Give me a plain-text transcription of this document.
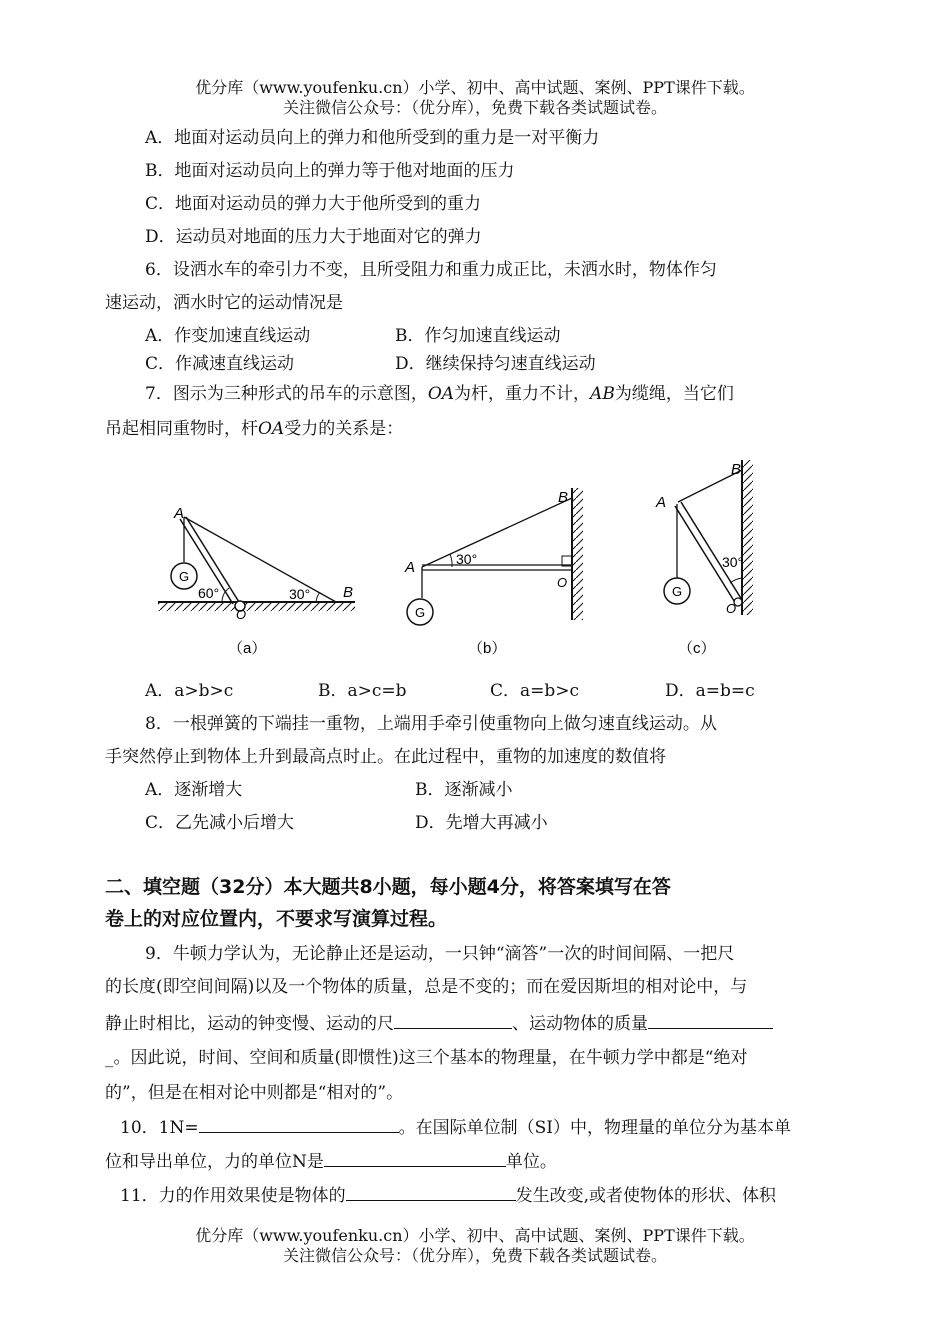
优分库（www.youfenku.cn）小学、初中、高中试题、案例、PPT课件下载。
关注微信公众号：（优分库），免费下载各类试题试卷。
A．地面对运动员向上的弹力和他所受到的重力是一对平衡力
B．地面对运动员向上的弹力等于他对地面的压力
C．地面对运动员的弹力大于他所受到的重力
D．运动员对地面的压力大于地面对它的弹力
6．设洒水车的牵引力不变，且所受阻力和重力成正比，未洒水时，物体作匀
速运动，洒水时它的运动情况是
A．作变加速直线运动	B．作匀加速直线运动
C．作减速直线运动	D．继续保持匀速直线运动
7．图示为三种形式的吊车的示意图，OA为杆，重力不计，AB为缆绳，当它们
吊起相同重物时，杆OA受力的关系是：
A
G
60°	30° B
O
（a）
A	30°
B
O
G
（b）
A
B
30°
O
G
（c）
A．a>b>c	B．a>c=b	C．a=b>c	D．a=b=c
8．一根弹簧的下端挂一重物，上端用手牵引使重物向上做匀速直线运动。从
手突然停止到物体上升到最高点时止。在此过程中，重物的加速度的数值将
A．逐渐增大	B．逐渐减小
C．乙先减小后增大	D．先增大再减小
二、填空题（32分）本大题共8小题，每小题4分，将答案填写在答
卷上的对应位置内，不要求写演算过程。
9．牛顿力学认为，无论静止还是运动，一只钟“滴答”一次的时间间隔、一把尺
的长度(即空间间隔)以及一个物体的质量，总是不变的；而在爱因斯坦的相对论中，与
静止时相比，运动的钟变慢、运动的尺	、运动物体的质量
_。因此说，时间、空间和质量(即惯性)这三个基本的物理量，在牛顿力学中都是“绝对
的”，但是在相对论中则都是“相对的”。
10．1N=	。在国际单位制（SI）中，物理量的单位分为基本单
位和导出单位，力的单位N是	单位。
11．力的作用效果使是物体的	发生改变,或者使物体的形状、体积
优分库（www.youfenku.cn）小学、初中、高中试题、案例、PPT课件下载。
关注微信公众号：（优分库），免费下载各类试题试卷。
